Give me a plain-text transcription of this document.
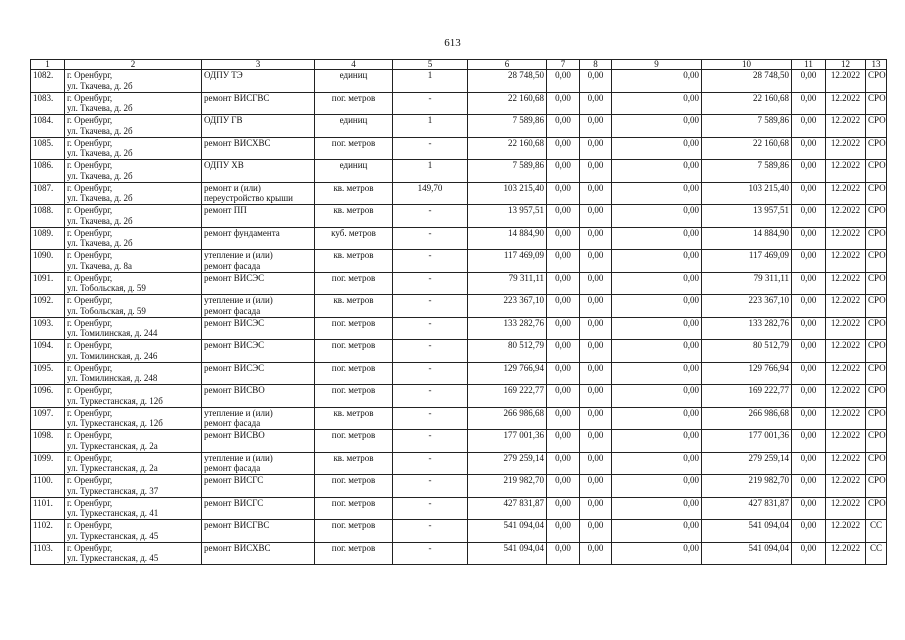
613
1	2	3	4	5	6	7	8	9	10	11	12	13

1082.	г. Оренбург,
ул. Ткачева, д. 2б	ОДПУ ТЭ	единиц	1	28 748,50	0,00	0,00	0,00	28 748,50	0,00	12.2022	СРО

1083.	г. Оренбург,
ул. Ткачева, д. 2б	ремонт ВИСГВС	пог. метров	-	22 160,68	0,00	0,00	0,00	22 160,68	0,00	12.2022	СРО

1084.	г. Оренбург,
ул. Ткачева, д. 2б	ОДПУ ГВ	единиц	1	7 589,86	0,00	0,00	0,00	7 589,86	0,00	12.2022	СРО

1085.	г. Оренбург,
ул. Ткачева, д. 2б	ремонт ВИСХВС	пог. метров	-	22 160,68	0,00	0,00	0,00	22 160,68	0,00	12.2022	СРО

1086.	г. Оренбург,
ул. Ткачева, д. 2б	ОДПУ ХВ	единиц	1	7 589,86	0,00	0,00	0,00	7 589,86	0,00	12.2022	СРО

1087.	г. Оренбург,
ул. Ткачева, д. 2б	ремонт и (или)
переустройство крыши	кв. метров	149,70	103 215,40	0,00	0,00	0,00	103 215,40	0,00	12.2022	СРО

1088.	г. Оренбург,
ул. Ткачева, д. 2б	ремонт ПП	кв. метров	-	13 957,51	0,00	0,00	0,00	13 957,51	0,00	12.2022	СРО

1089.	г. Оренбург,
ул. Ткачева, д. 2б	ремонт фундамента	куб. метров	-	14 884,90	0,00	0,00	0,00	14 884,90	0,00	12.2022	СРО

1090.	г. Оренбург,
ул. Ткачева, д. 8а	утепление и (или)
ремонт фасада	кв. метров	-	117 469,09	0,00	0,00	0,00	117 469,09	0,00	12.2022	СРО

1091.	г. Оренбург,
ул. Тобольская, д. 59	ремонт ВИСЭС	пог. метров	-	79 311,11	0,00	0,00	0,00	79 311,11	0,00	12.2022	СРО

1092.	г. Оренбург,
ул. Тобольская, д. 59	утепление и (или)
ремонт фасада	кв. метров	-	223 367,10	0,00	0,00	0,00	223 367,10	0,00	12.2022	СРО

1093.	г. Оренбург,
ул. Томилинская, д. 244	ремонт ВИСЭС	пог. метров	-	133 282,76	0,00	0,00	0,00	133 282,76	0,00	12.2022	СРО

1094.	г. Оренбург,
ул. Томилинская, д. 246	ремонт ВИСЭС	пог. метров	-	80 512,79	0,00	0,00	0,00	80 512,79	0,00	12.2022	СРО

1095.	г. Оренбург,
ул. Томилинская, д. 248	ремонт ВИСЭС	пог. метров	-	129 766,94	0,00	0,00	0,00	129 766,94	0,00	12.2022	СРО

1096.	г. Оренбург,
ул. Туркестанская, д. 12б	ремонт ВИСВО	пог. метров	-	169 222,77	0,00	0,00	0,00	169 222,77	0,00	12.2022	СРО

1097.	г. Оренбург,
ул. Туркестанская, д. 12б	утепление и (или)
ремонт фасада	кв. метров	-	266 986,68	0,00	0,00	0,00	266 986,68	0,00	12.2022	СРО

1098.	г. Оренбург,
ул. Туркестанская, д. 2а	ремонт ВИСВО	пог. метров	-	177 001,36	0,00	0,00	0,00	177 001,36	0,00	12.2022	СРО

1099.	г. Оренбург,
ул. Туркестанская, д. 2а	утепление и (или)
ремонт фасада	кв. метров	-	279 259,14	0,00	0,00	0,00	279 259,14	0,00	12.2022	СРО

1100.	г. Оренбург,
ул. Туркестанская, д. 37	ремонт ВИСГС	пог. метров	-	219 982,70	0,00	0,00	0,00	219 982,70	0,00	12.2022	СРО

1101.	г. Оренбург,
ул. Туркестанская, д. 41	ремонт ВИСГС	пог. метров	-	427 831,87	0,00	0,00	0,00	427 831,87	0,00	12.2022	СРО

1102.	г. Оренбург,
ул. Туркестанская, д. 45	ремонт ВИСГВС	пог. метров	-	541 094,04	0,00	0,00	0,00	541 094,04	0,00	12.2022	СС

1103.	г. Оренбург,
ул. Туркестанская, д. 45	ремонт ВИСХВС	пог. метров	-	541 094,04	0,00	0,00	0,00	541 094,04	0,00	12.2022	СС
